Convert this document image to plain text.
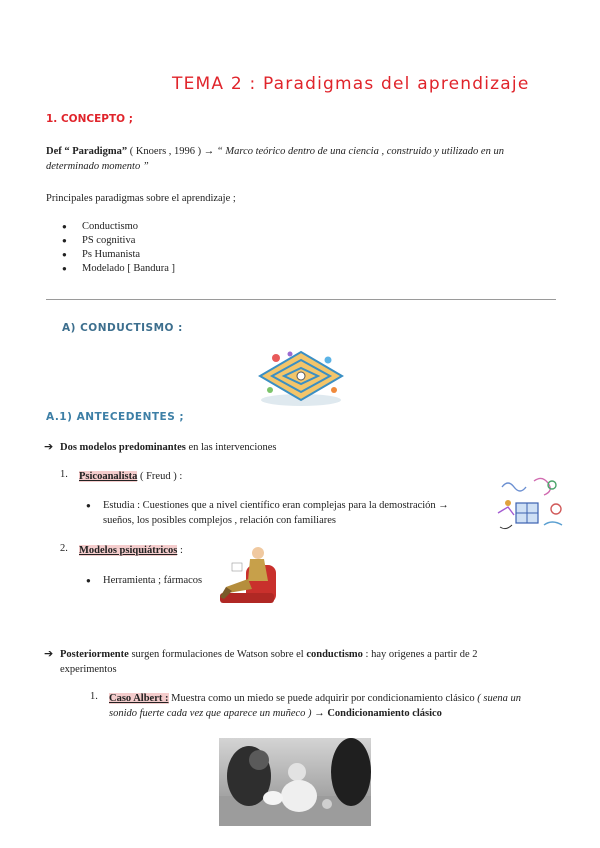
TEMA 2 : Paradigmas del aprendizaje
1. CONCEPTO ;
Def “ Paradigma” ( Knoers , 1996 ) → “ Marco teórico dentro de una ciencia , construido y utilizado en un
determinado momento ”
Principales paradigmas sobre el aprendizaje ;
● Conductismo
● PS cognitiva
● Ps Humanista
● Modelado [ Bandura ]
A) CONDUCTISMO :
A.1) ANTECEDENTES ;
➔ Dos modelos predominantes en las intervenciones
1. Psicoanalista ( Freud ) :
● Estudia : Cuestiones que a nivel científico eran complejas para la demostración →
sueños, los posibles complejos , relación con familiares
2. Modelos psiquiátricos :
● Herramienta ; fármacos
➔ Posteriormente surgen formulaciones de Watson sobre el conductismo : hay origenes a partir de 2
experimentos
1. Caso Albert : Muestra como un miedo se puede adquirir por condicionamiento clásico ( suena un
sonido fuerte cada vez que aparece un muñeco ) → Condicionamiento clásico
